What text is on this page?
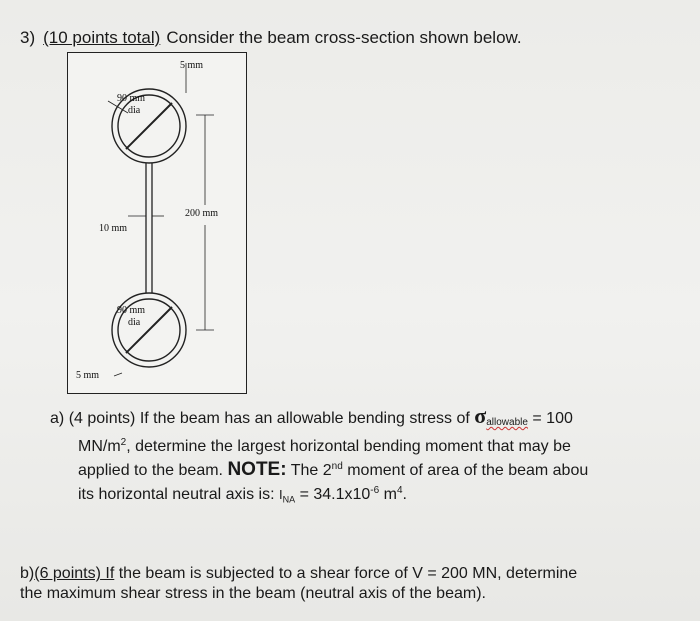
3) (10 points total) Consider the beam cross-section shown below.
5 mm
90 mm
dia
200 mm
10 mm
90 mm
dia
5 mm
a) (4 points) If the beam has an allowable bending stress of σallowable = 100
$MN/m^2$, determine the largest horizontal bending moment that may be
applied to the beam. NOTE: The 2nd moment of area of the beam abou
its horizontal neutral axis is: $I_{NA} = 34.1x10^{-6}$ $m^4$.
b)(6 points) If the beam is subjected to a shear force of V = 200 MN, determine
the maximum shear stress in the beam (neutral axis of the beam).
